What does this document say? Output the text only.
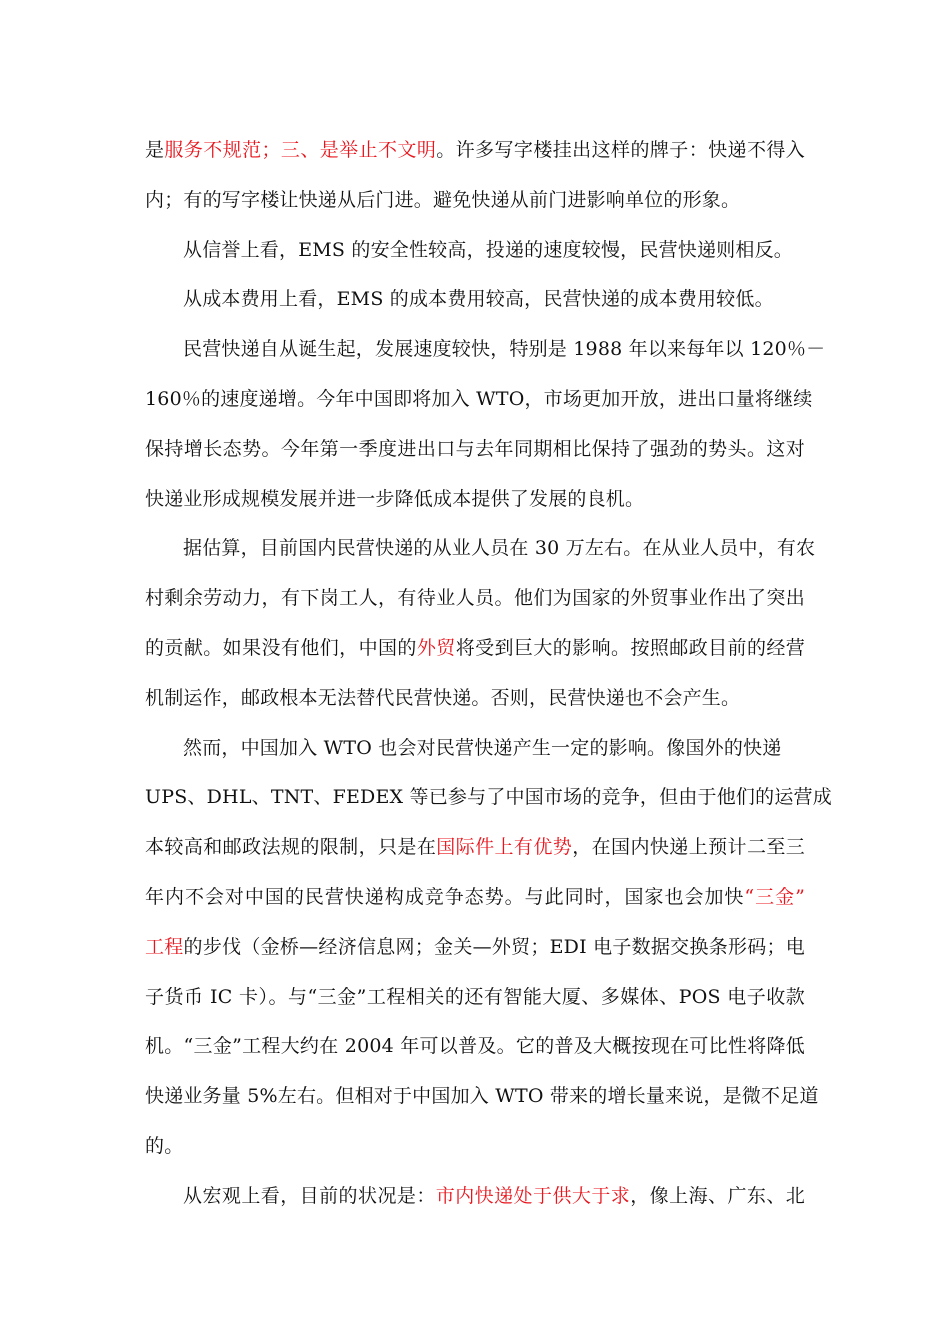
是服务不规范；三、是举止不文明。许多写字楼挂出这样的牌子：快递不得入
内；有的写字楼让快递从后门进。避免快递从前门进影响单位的形象。
从信誉上看，EMS 的安全性较高，投递的速度较慢，民营快递则相反。
从成本费用上看，EMS 的成本费用较高，民营快递的成本费用较低。
民营快递自从诞生起，发展速度较快，特别是 1988 年以来每年以 120％－
160％的速度递增。今年中国即将加入 WTO，市场更加开放，进出口量将继续
保持增长态势。今年第一季度进出口与去年同期相比保持了强劲的势头。这对
快递业形成规模发展并进一步降低成本提供了发展的良机。
据估算，目前国内民营快递的从业人员在 30 万左右。在从业人员中，有农
村剩余劳动力，有下岗工人，有待业人员。他们为国家的外贸事业作出了突出
的贡献。如果没有他们，中国的外贸将受到巨大的影响。按照邮政目前的经营
机制运作，邮政根本无法替代民营快递。否则，民营快递也不会产生。
然而，中国加入 WTO 也会对民营快递产生一定的影响。像国外的快递
UPS、DHL、TNT、FEDEX 等已参与了中国市场的竞争，但由于他们的运营成
本较高和邮政法规的限制，只是在国际件上有优势，在国内快递上预计二至三
年内不会对中国的民营快递构成竞争态势。与此同时，国家也会加快“三金”
工程的步伐（金桥—经济信息网；金关—外贸；EDI 电子数据交换条形码；电
子货币 IC 卡）。与“三金”工程相关的还有智能大厦、多媒体、POS 电子收款
机。“三金”工程大约在 2004 年可以普及。它的普及大概按现在可比性将降低
快递业务量 5%左右。但相对于中国加入 WTO 带来的增长量来说，是微不足道
的。
从宏观上看，目前的状况是：市内快递处于供大于求，像上海、广东、北
